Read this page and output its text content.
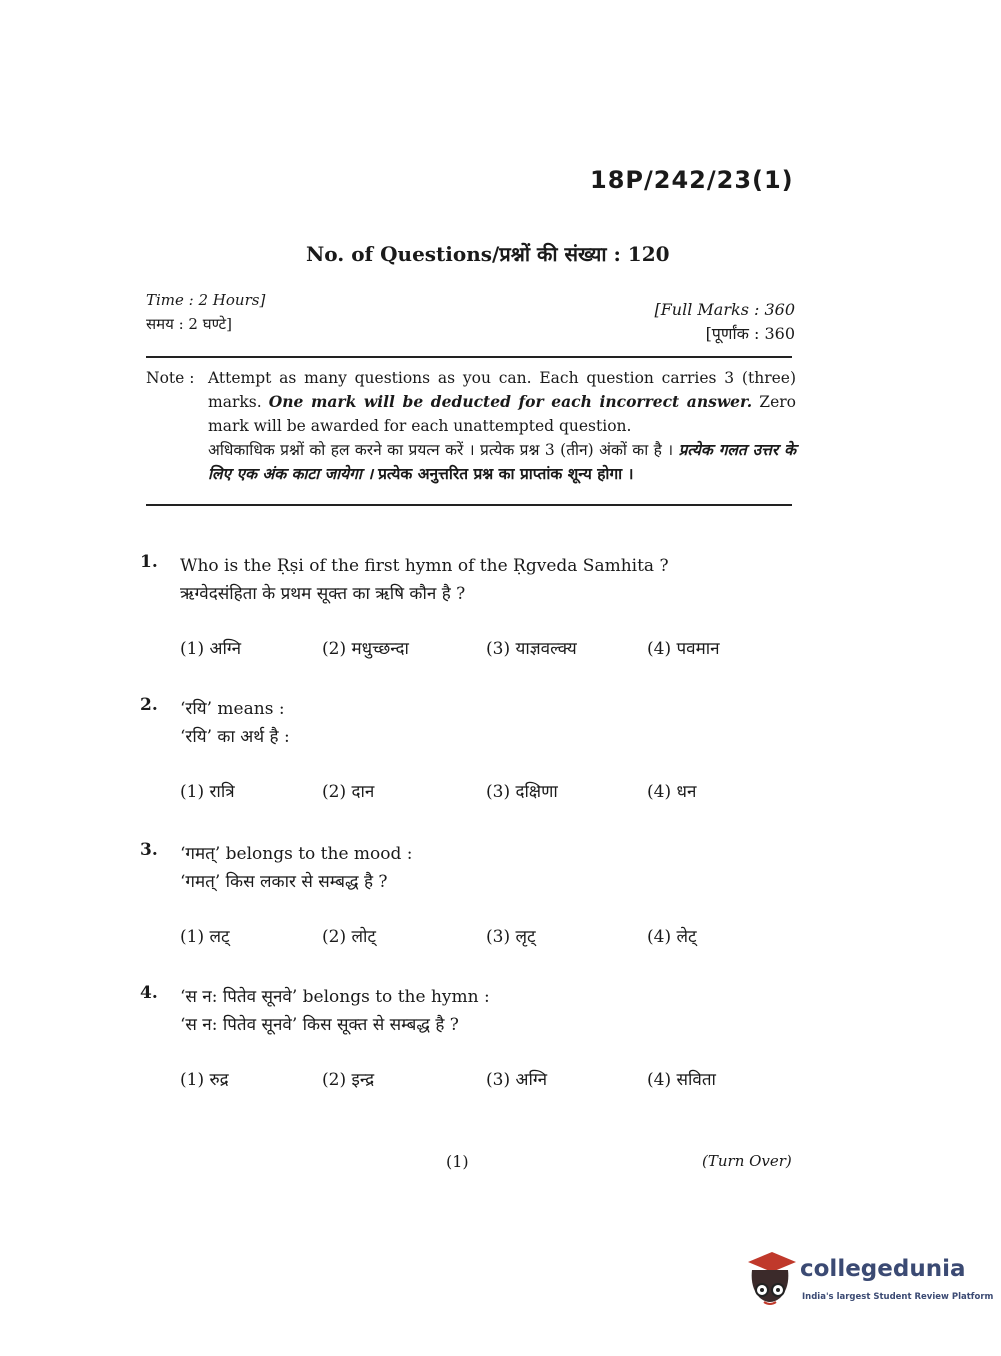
18P/242/23(1)
No. of Questions/प्रश्नों की संख्या : 120
Time : 2 Hours]
समय : 2 घण्टे]
[Full Marks : 360
[पूर्णांक : 360
Note : Attempt as many questions as you can. Each question carries 3 (three) marks. One mark will be deducted for each incorrect answer. Zero mark will be awarded for each unattempted question.
अधिकाधिक प्रश्नों को हल करने का प्रयत्न करें । प्रत्येक प्रश्न 3 (तीन) अंकों का है । प्रत्येक गलत उत्तर के लिए एक अंक काटा जायेगा । प्रत्येक अनुत्तरित प्रश्न का प्राप्तांक शून्य होगा ।
1. Who is the Ṛṣi of the first hymn of the Ṛgveda Samhita ?
ऋग्वेदसंहिता के प्रथम सूक्त का ऋषि कौन है ?
(1) अग्नि	(2) मधुच्छन्दा	(3) याज्ञवल्क्य	(4) पवमान
2. ‘रयि’ means :
‘रयि’ का अर्थ है :
(1) रात्रि	(2) दान	(3) दक्षिणा	(4) धन
3. ‘गमत्’ belongs to the mood :
‘गमत्’ किस लकार से सम्बद्ध है ?
(1) लट्	(2) लोट्	(3) लृट्	(4) लेट्
4. ‘स न: पितेव सूनवे’ belongs to the hymn :
‘स न: पितेव सूनवे’ किस सूक्त से सम्बद्ध है ?
(1) रुद्र	(2) इन्द्र	(3) अग्नि	(4) सविता
(1)	(Turn Over)
collegedunia
India's largest Student Review Platform
